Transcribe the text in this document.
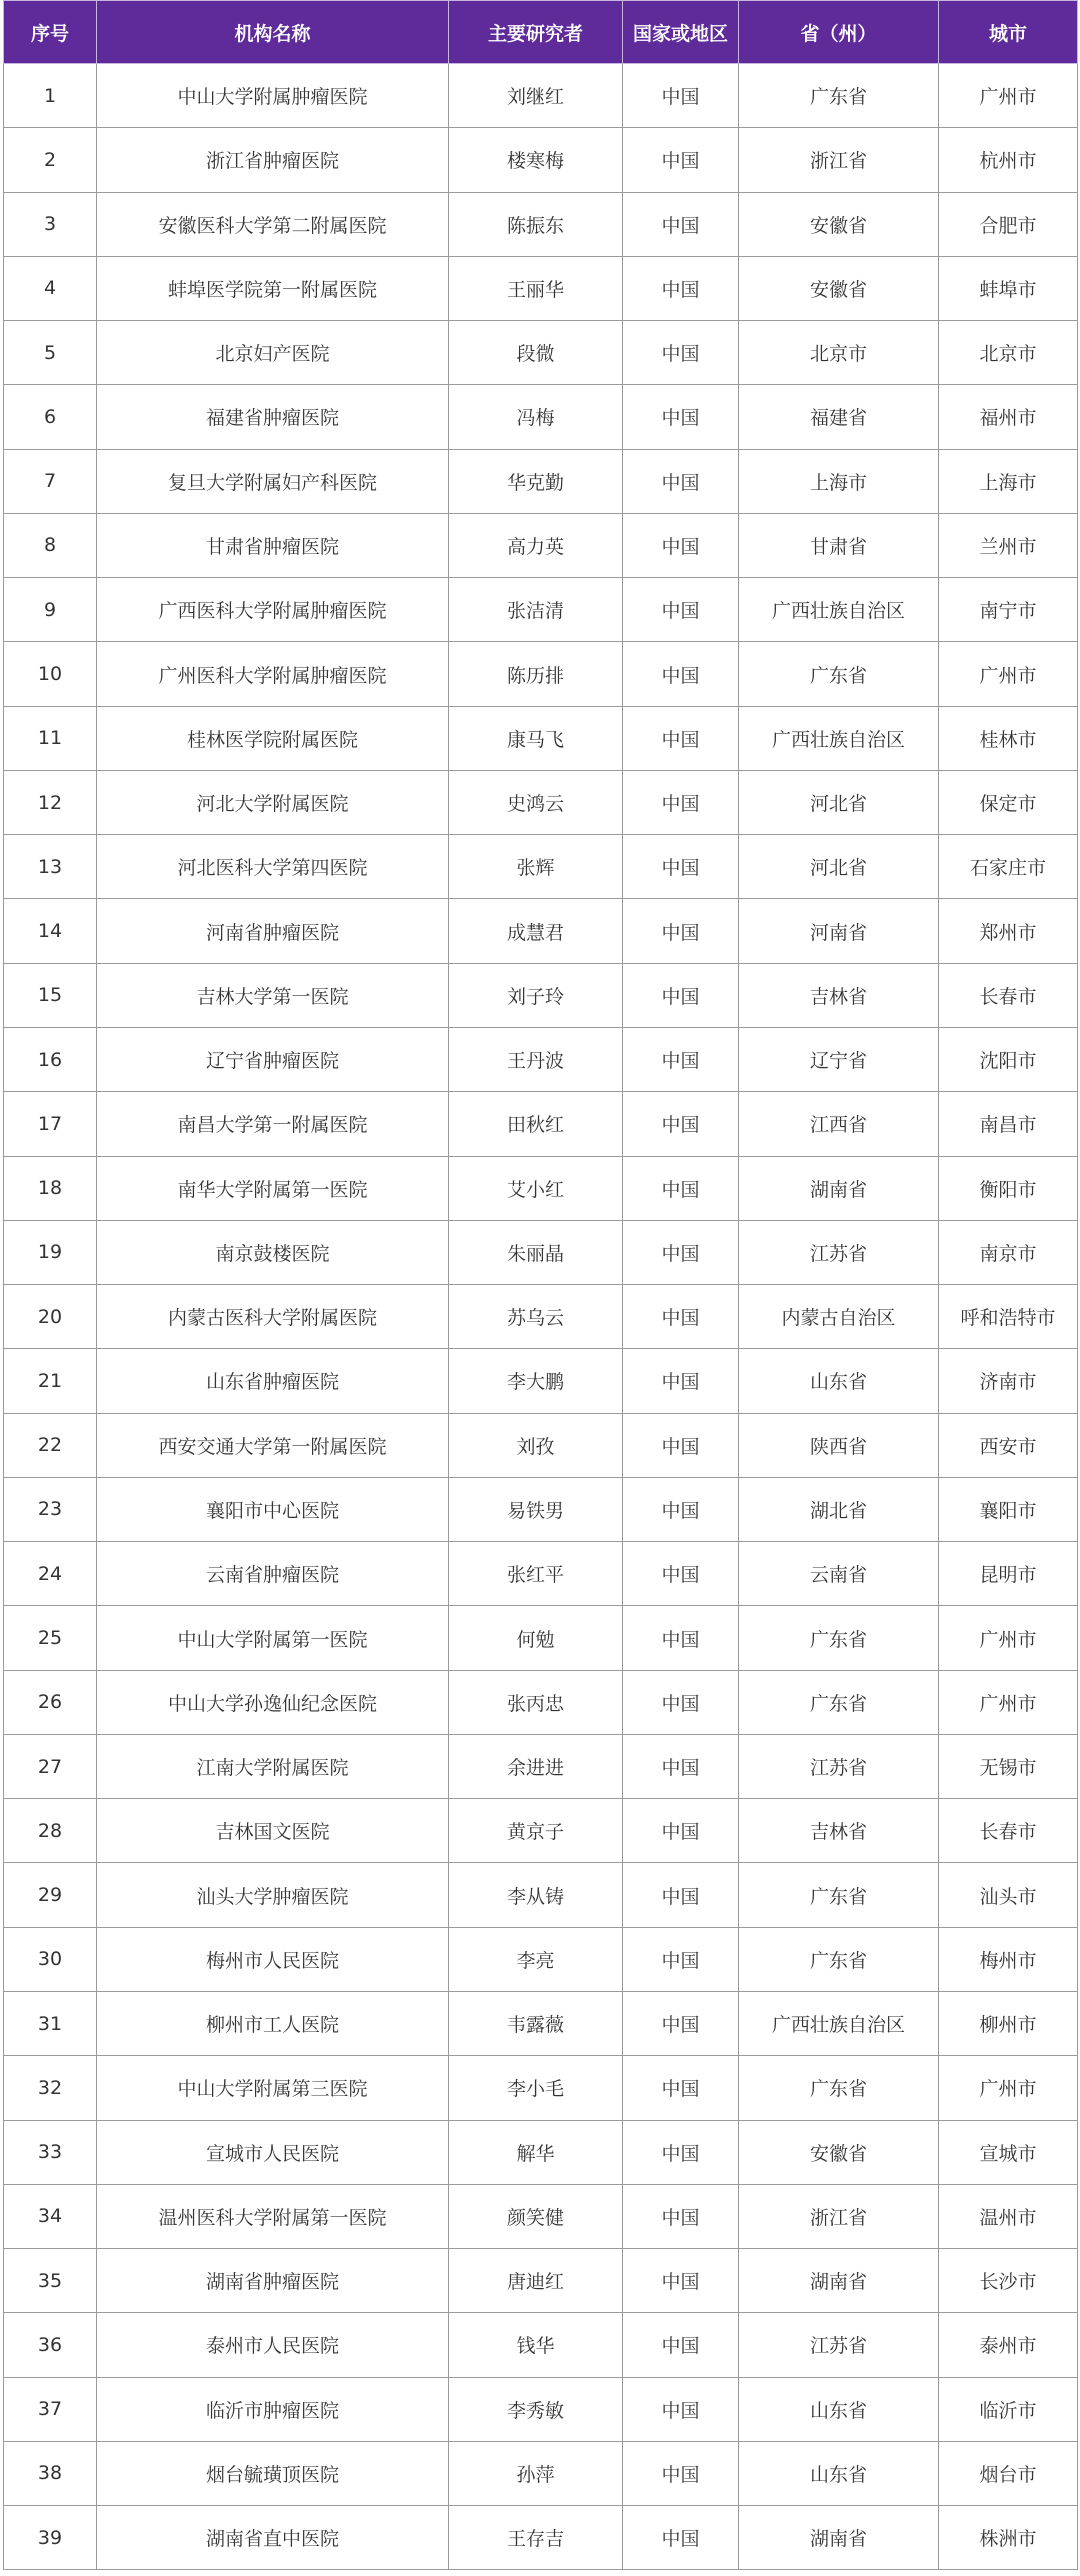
序号	机构名称	主要研究者	国家或地区	省（州）	城市
1	中山大学附属肿瘤医院	刘继红	中国	广东省	广州市
2	浙江省肿瘤医院	楼寒梅	中国	浙江省	杭州市
3	安徽医科大学第二附属医院	陈振东	中国	安徽省	合肥市
4	蚌埠医学院第一附属医院	王丽华	中国	安徽省	蚌埠市
5	北京妇产医院	段微	中国	北京市	北京市
6	福建省肿瘤医院	冯梅	中国	福建省	福州市
7	复旦大学附属妇产科医院	华克勤	中国	上海市	上海市
8	甘肃省肿瘤医院	高力英	中国	甘肃省	兰州市
9	广西医科大学附属肿瘤医院	张洁清	中国	广西壮族自治区	南宁市
10	广州医科大学附属肿瘤医院	陈历排	中国	广东省	广州市
11	桂林医学院附属医院	康马飞	中国	广西壮族自治区	桂林市
12	河北大学附属医院	史鸿云	中国	河北省	保定市
13	河北医科大学第四医院	张辉	中国	河北省	石家庄市
14	河南省肿瘤医院	成慧君	中国	河南省	郑州市
15	吉林大学第一医院	刘子玲	中国	吉林省	长春市
16	辽宁省肿瘤医院	王丹波	中国	辽宁省	沈阳市
17	南昌大学第一附属医院	田秋红	中国	江西省	南昌市
18	南华大学附属第一医院	艾小红	中国	湖南省	衡阳市
19	南京鼓楼医院	朱丽晶	中国	江苏省	南京市
20	内蒙古医科大学附属医院	苏乌云	中国	内蒙古自治区	呼和浩特市
21	山东省肿瘤医院	李大鹏	中国	山东省	济南市
22	西安交通大学第一附属医院	刘孜	中国	陕西省	西安市
23	襄阳市中心医院	易铁男	中国	湖北省	襄阳市
24	云南省肿瘤医院	张红平	中国	云南省	昆明市
25	中山大学附属第一医院	何勉	中国	广东省	广州市
26	中山大学孙逸仙纪念医院	张丙忠	中国	广东省	广州市
27	江南大学附属医院	余进进	中国	江苏省	无锡市
28	吉林国文医院	黄京子	中国	吉林省	长春市
29	汕头大学肿瘤医院	李从铸	中国	广东省	汕头市
30	梅州市人民医院	李亮	中国	广东省	梅州市
31	柳州市工人医院	韦露薇	中国	广西壮族自治区	柳州市
32	中山大学附属第三医院	李小毛	中国	广东省	广州市
33	宣城市人民医院	解华	中国	安徽省	宣城市
34	温州医科大学附属第一医院	颜笑健	中国	浙江省	温州市
35	湖南省肿瘤医院	唐迪红	中国	湖南省	长沙市
36	泰州市人民医院	钱华	中国	江苏省	泰州市
37	临沂市肿瘤医院	李秀敏	中国	山东省	临沂市
38	烟台毓璜顶医院	孙萍	中国	山东省	烟台市
39	湖南省直中医院	王存吉	中国	湖南省	株洲市
